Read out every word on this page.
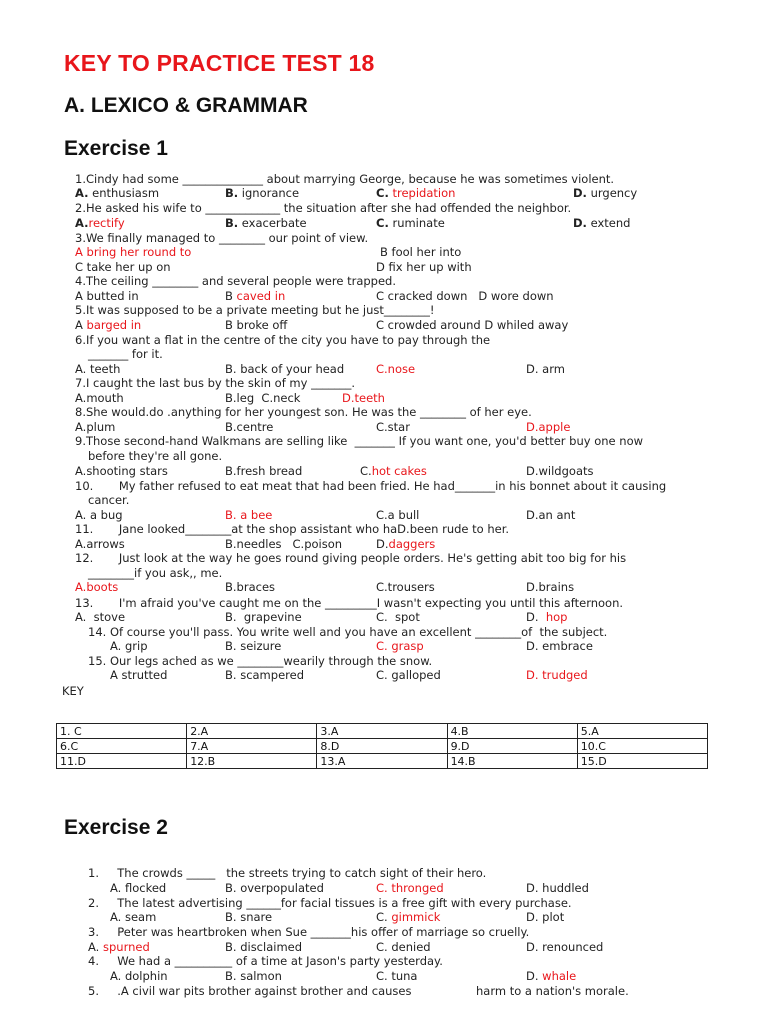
KEY TO PRACTICE TEST 18
A. LEXICO & GRAMMAR
Exercise 1
1.Cindy had some ______________ about marrying George, because he was sometimes violent.
A. enthusiasm	B. ignorance	C. trepidation	D. urgency
2.He asked his wife to _____________ the situation after she had offended the neighbor.
A.rectify	B. exacerbate	C. ruminate	D. extend
3.We finally managed to ________ our point of view.
A bring her round to	B fool her into
C take her up on	D fix her up with
4.The ceiling ________ and several people were trapped.
A butted in	B caved in	C cracked down   D wore down
5.It was supposed to be a private meeting but he just________!
A barged in	B broke off	C crowded around D whiled away
6.If you want a flat in the centre of the city you have to pay through the
_______ for it.
A. teeth	B. back of your head	C.nose	D. arm
7.I caught the last bus by the skin of my _______.
A.mouth	B.leg  C.neck	D.teeth
8.She would.do .anything for her youngest son. He was the ________ of her eye.
A.plum	B.centre	C.star	D.apple
9.Those second-hand Walkmans are selling like  _______ If you want one, you'd better buy one now
before they're all gone.
A.shooting stars	B.fresh bread	C.hot cakes	D.wildgoats
10.       My father refused to eat meat that had been fried. He had_______in his bonnet about it causing
cancer.
A. a bug	B. a bee	C.a bull	D.an ant
11.       Jane looked________at the shop assistant who haD.been rude to her.
A.arrows	B.needles   C.poison	D.daggers
12.       Just look at the way he goes round giving people orders. He's getting abit too big for his
________if you ask,, me.
A.boots	B.braces	C.trousers	D.brains
13.       I'm afraid you've caught me on the _________I wasn't expecting you until this afternoon.
A.  stove	B.  grapevine	C.  spot	D.  hop
14. Of course you'll pass. You write well and you have an excellent ________of  the subject.
A. grip	B. seizure	C. grasp	D. embrace
15. Our legs ached as we ________wearily through the snow.
A strutted	B. scampered	C. galloped	D. trudged
KEY
1. C	2.A	3.A	4.B	5.A
6.C	7.A	8.D	9.D	10.C
11.D	12.B	13.A	14.B	15.D
Exercise 2
1.     The crowds _____   the streets trying to catch sight of their hero.
A. flocked	B. overpopulated	C. thronged	D. huddled
2.     The latest advertising ______for facial tissues is a free gift with every purchase.
A. seam	B. snare	C. gimmick	D. plot
3.     Peter was heartbroken when Sue _______his offer of marriage so cruelly.
A. spurned	B. disclaimed	C. denied	D. renounced
4.     We had a __________ of a time at Jason's party yesterday.
A. dolphin	B. salmon	C. tuna	D. whale
5.     .A civil war pits brother against brother and causes	harm to a nation's morale.
